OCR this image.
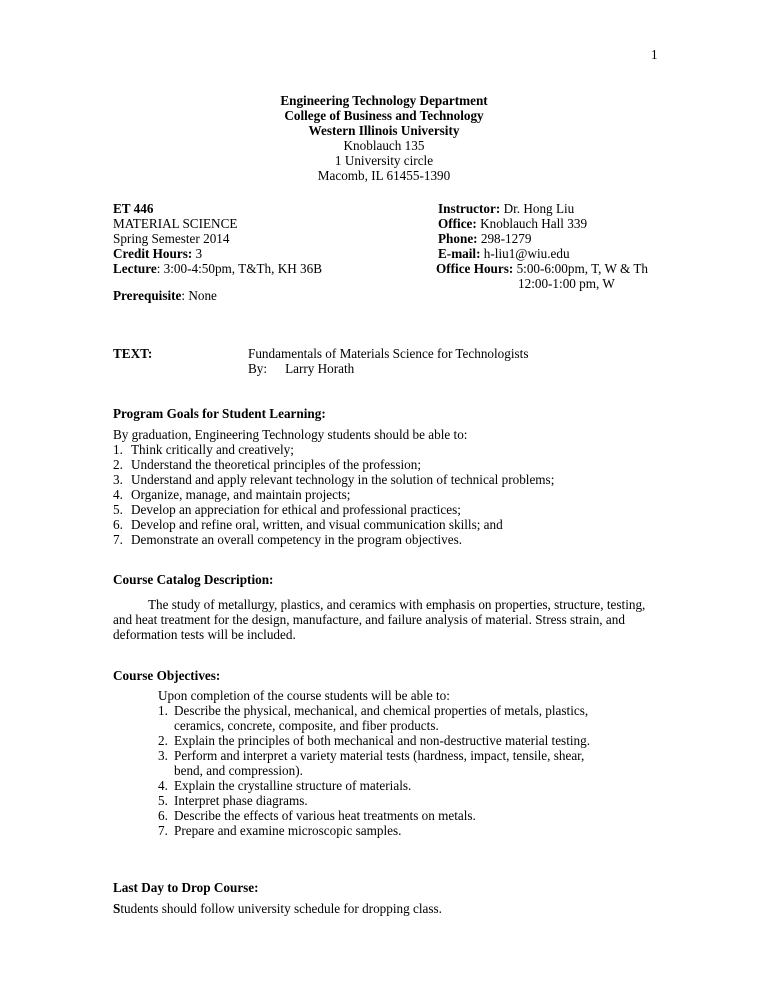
1
Engineering Technology Department
College of Business and Technology
Western Illinois University
Knoblauch 135
1 University circle
Macomb, IL 61455-1390
ET 446
MATERIAL SCIENCE
Spring Semester 2014
Credit Hours: 3
Lecture: 3:00-4:50pm, T&Th, KH 36B
Instructor: Dr. Hong Liu
Office: Knoblauch Hall 339
Phone: 298-1279
E-mail: h-liu1@wiu.edu
Office Hours: 5:00-6:00pm, T, W & Th
12:00-1:00 pm, W
Prerequisite: None
TEXT:	Fundamentals of Materials Science for Technologists
By: Larry Horath
Program Goals for Student Learning:
By graduation, Engineering Technology students should be able to:
1. Think critically and creatively;
2. Understand the theoretical principles of the profession;
3. Understand and apply relevant technology in the solution of technical problems;
4. Organize, manage, and maintain projects;
5. Develop an appreciation for ethical and professional practices;
6. Develop and refine oral, written, and visual communication skills; and
7. Demonstrate an overall competency in the program objectives.
Course Catalog Description:
The study of metallurgy, plastics, and ceramics with emphasis on properties, structure, testing, and heat treatment for the design, manufacture, and failure analysis of material. Stress strain, and deformation tests will be included.
Course Objectives:
Upon completion of the course students will be able to:
1. Describe the physical, mechanical, and chemical properties of metals, plastics, ceramics, concrete, composite, and fiber products.
2. Explain the principles of both mechanical and non-destructive material testing.
3. Perform and interpret a variety material tests (hardness, impact, tensile, shear, bend, and compression).
4. Explain the crystalline structure of materials.
5. Interpret phase diagrams.
6. Describe the effects of various heat treatments on metals.
7. Prepare and examine microscopic samples.
Last Day to Drop Course:
Students should follow university schedule for dropping class.
